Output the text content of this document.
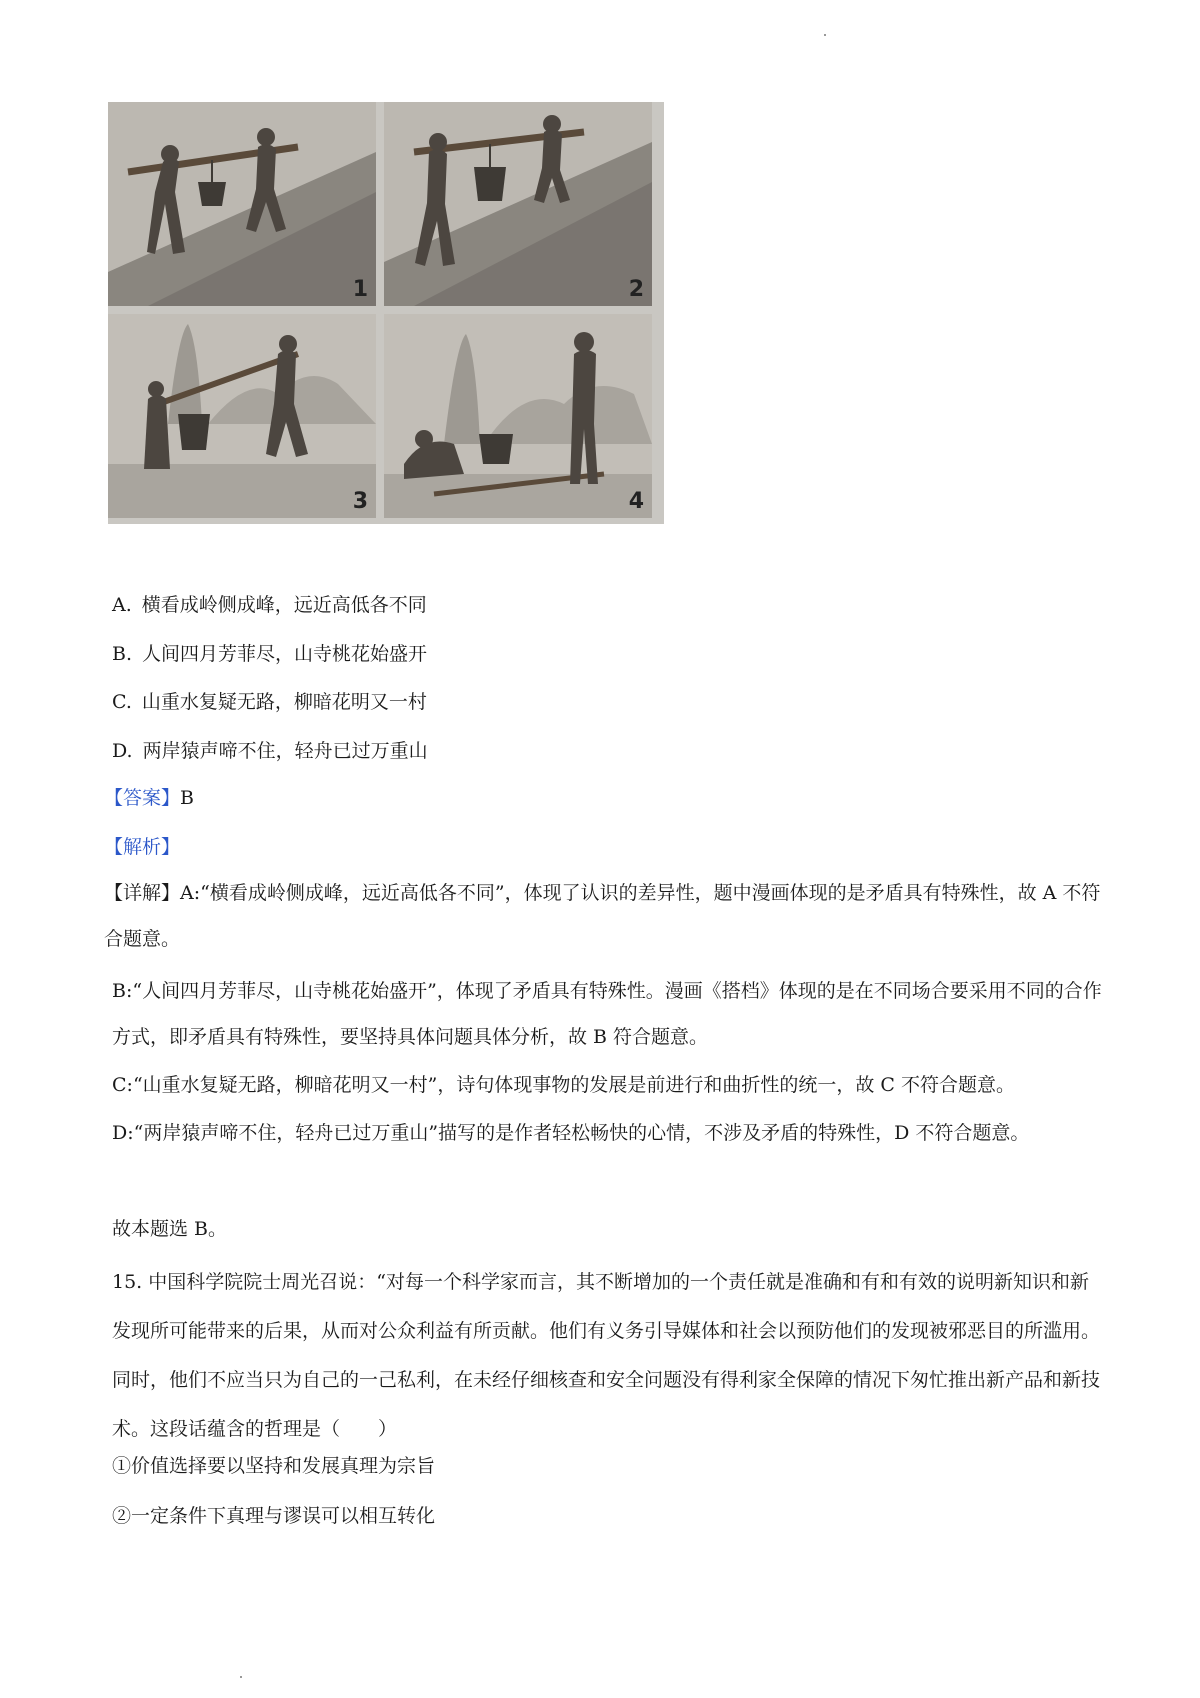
1	2
3	4
A. 横看成岭侧成峰，远近高低各不同
B. 人间四月芳菲尽，山寺桃花始盛开
C. 山重水复疑无路，柳暗花明又一村
D. 两岸猿声啼不住，轻舟已过万重山
【答案】B
【解析】
【详解】A:“横看成岭侧成峰，远近高低各不同”，体现了认识的差异性，题中漫画体现的是矛盾具有特殊性，故 A 不符合题意。
B:“人间四月芳菲尽，山寺桃花始盛开”，体现了矛盾具有特殊性。漫画《搭档》体现的是在不同场合要采用不同的合作方式，即矛盾具有特殊性，要坚持具体问题具体分析，故 B 符合题意。
C:“山重水复疑无路，柳暗花明又一村”，诗句体现事物的发展是前进行和曲折性的统一，故 C 不符合题意。
D:“两岸猿声啼不住，轻舟已过万重山”描写的是作者轻松畅快的心情，不涉及矛盾的特殊性，D 不符合题意。
故本题选 B。
15. 中国科学院院士周光召说：“对每一个科学家而言，其不断增加的一个责任就是准确和有和有效的说明新知识和新发现所可能带来的后果，从而对公众利益有所贡献。他们有义务引导媒体和社会以预防他们的发现被邪恶目的所滥用。同时，他们不应当只为自己的一己私利，在未经仔细核查和安全问题没有得利家全保障的情况下匆忙推出新产品和新技术。这段话蕴含的哲理是（　　）
①价值选择要以坚持和发展真理为宗旨
②一定条件下真理与谬误可以相互转化
